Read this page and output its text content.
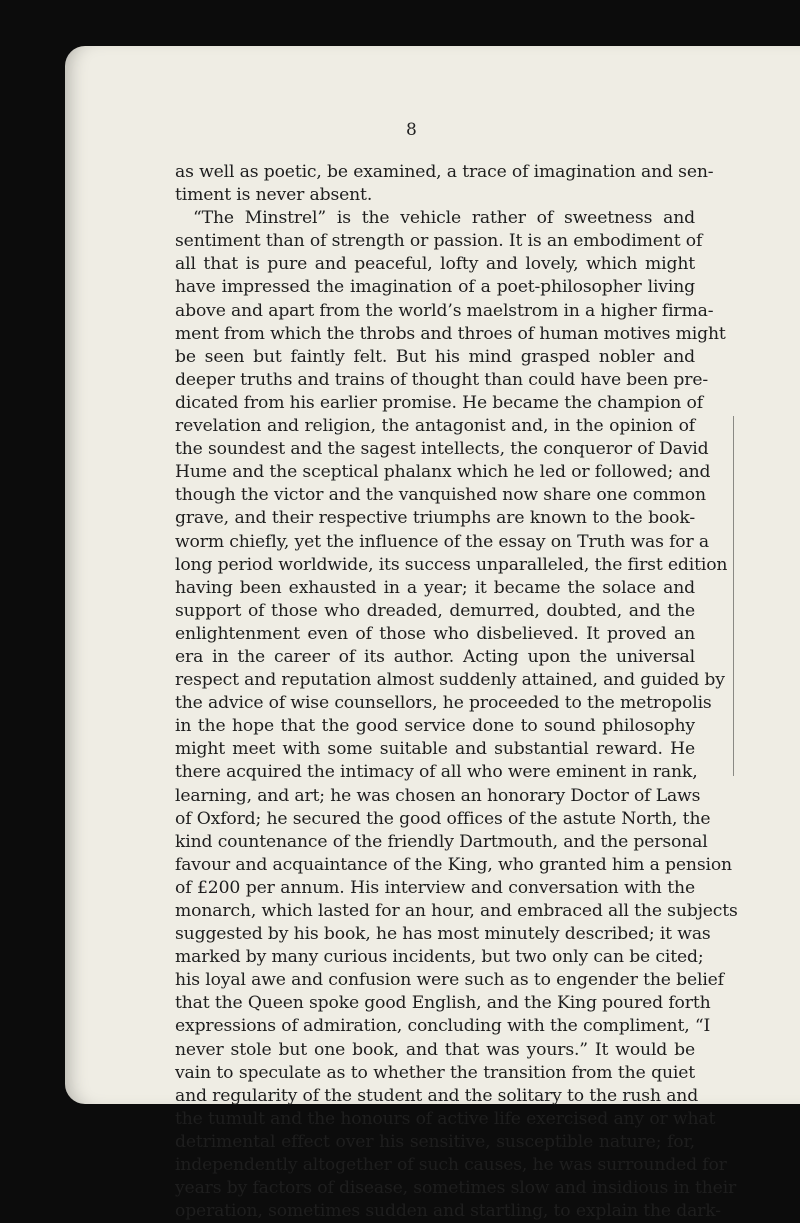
8
as well as poetic, be examined, a trace of imagination and sen-
timent is never absent.
“The Minstrel” is the vehicle rather of sweetness and
sentiment than of strength or passion. It is an embodiment of
all that is pure and peaceful, lofty and lovely, which might
have impressed the imagination of a poet-philosopher living
above and apart from the world’s maelstrom in a higher firma-
ment from which the throbs and throes of human motives might
be seen but faintly felt. But his mind grasped nobler and
deeper truths and trains of thought than could have been pre-
dicated from his earlier promise. He became the champion of
revelation and religion, the antagonist and, in the opinion of
the soundest and the sagest intellects, the conqueror of David
Hume and the sceptical phalanx which he led or followed; and
though the victor and the vanquished now share one common
grave, and their respective triumphs are known to the book-
worm chiefly, yet the influence of the essay on Truth was for a
long period worldwide, its success unparalleled, the first edition
having been exhausted in a year; it became the solace and
support of those who dreaded, demurred, doubted, and the
enlightenment even of those who disbelieved. It proved an
era in the career of its author. Acting upon the universal
respect and reputation almost suddenly attained, and guided by
the advice of wise counsellors, he proceeded to the metropolis
in the hope that the good service done to sound philosophy
might meet with some suitable and substantial reward. He
there acquired the intimacy of all who were eminent in rank,
learning, and art; he was chosen an honorary Doctor of Laws
of Oxford; he secured the good offices of the astute North, the
kind countenance of the friendly Dartmouth, and the personal
favour and acquaintance of the King, who granted him a pension
of £200 per annum. His interview and conversation with the
monarch, which lasted for an hour, and embraced all the subjects
suggested by his book, he has most minutely described; it was
marked by many curious incidents, but two only can be cited;
his loyal awe and confusion were such as to engender the belief
that the Queen spoke good English, and the King poured forth
expressions of admiration, concluding with the compliment, “I
never stole but one book, and that was yours.” It would be
vain to speculate as to whether the transition from the quiet
and regularity of the student and the solitary to the rush and
the tumult and the honours of active life exercised any or what
detrimental effect over his sensitive, susceptible nature; for,
independently altogether of such causes, he was surrounded for
years by factors of disease, sometimes slow and insidious in their
operation, sometimes sudden and startling, to explain the dark-
